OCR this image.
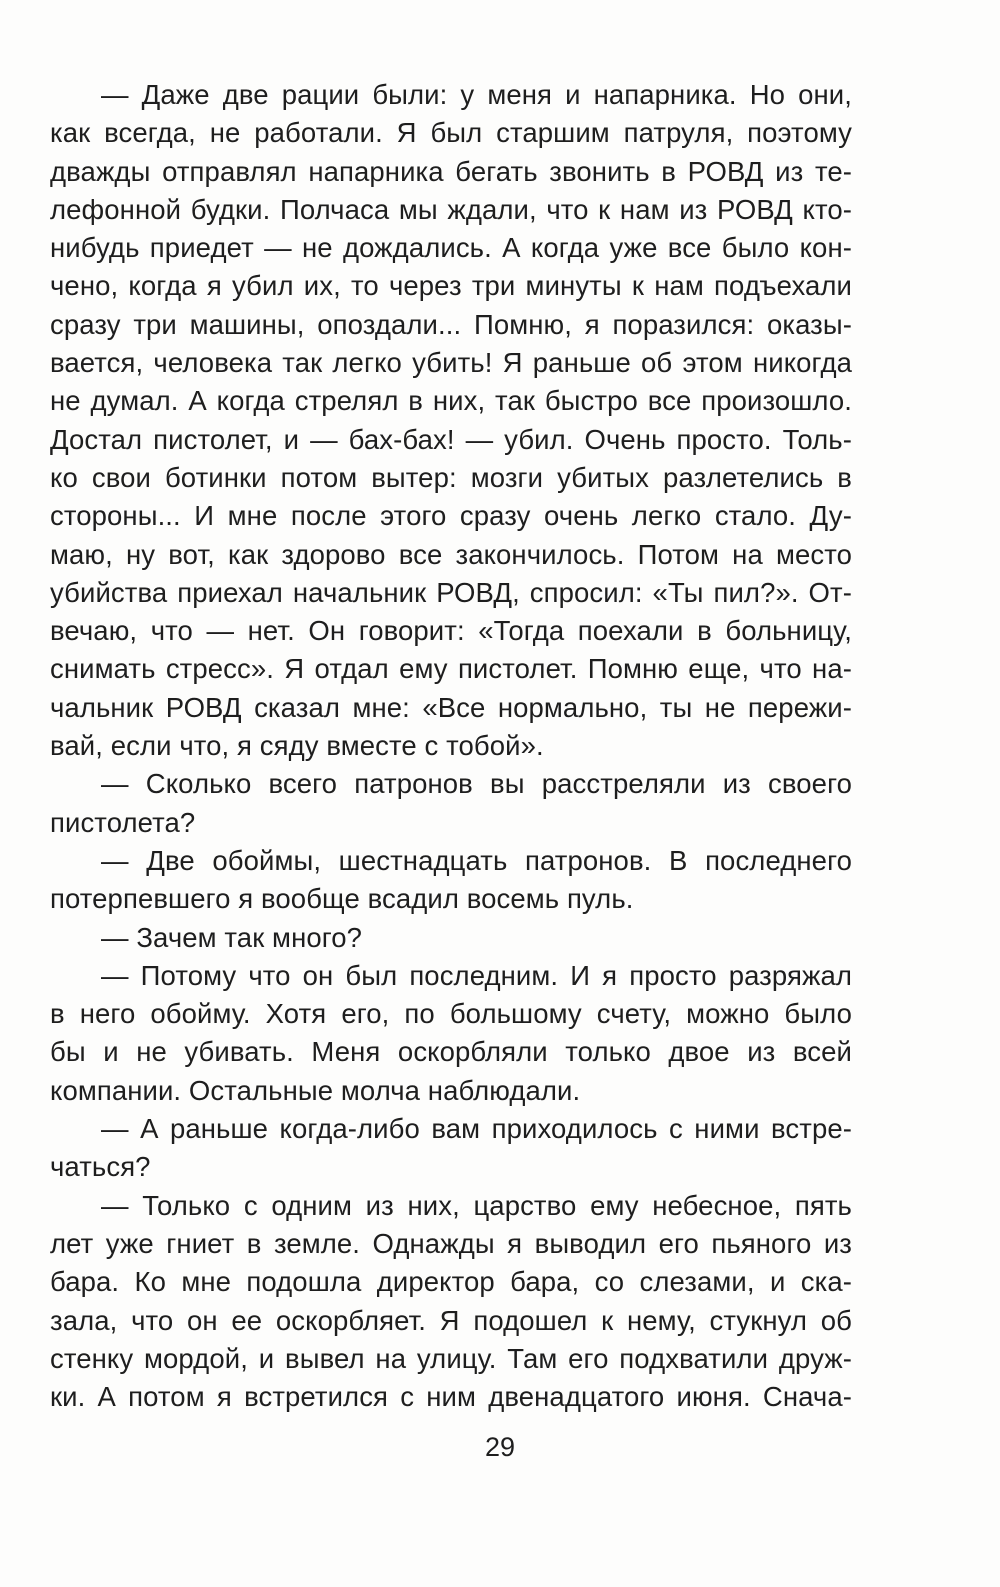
— Даже две рации были: у меня и напарника. Но они,
как всегда, не работали. Я был старшим патруля, поэтому
дважды отправлял напарника бегать звонить в РОВД из те-
лефонной будки. Полчаса мы ждали, что к нам из РОВД кто-
нибудь приедет — не дождались. А когда уже все было кон-
чено, когда я убил их, то через три минуты к нам подъехали
сразу три машины, опоздали... Помню, я поразился: оказы-
вается, человека так легко убить! Я раньше об этом никогда
не думал. А когда стрелял в них, так быстро все произошло.
Достал пистолет, и — бах-бах! — убил. Очень просто. Толь-
ко свои ботинки потом вытер: мозги убитых разлетелись в
стороны... И мне после этого сразу очень легко стало. Ду-
маю, ну вот, как здорово все закончилось. Потом на место
убийства приехал начальник РОВД, спросил: «Ты пил?». От-
вечаю, что — нет. Он говорит: «Тогда поехали в больницу,
снимать стресс». Я отдал ему пистолет. Помню еще, что на-
чальник РОВД сказал мне: «Все нормально, ты не пережи-
вай, если что, я сяду вместе с тобой».
— Сколько всего патронов вы расстреляли из своего
пистолета?
— Две обоймы, шестнадцать патронов. В последнего
потерпевшего я вообще всадил восемь пуль.
— Зачем так много?
— Потому что он был последним. И я просто разряжал
в него обойму. Хотя его, по большому счету, можно было
бы и не убивать. Меня оскорбляли только двое из всей
компании. Остальные молча наблюдали.
— А раньше когда-либо вам приходилось с ними встре-
чаться?
— Только с одним из них, царство ему небесное, пять
лет уже гниет в земле. Однажды я выводил его пьяного из
бара. Ко мне подошла директор бара, со слезами, и ска-
зала, что он ее оскорбляет. Я подошел к нему, стукнул об
стенку мордой, и вывел на улицу. Там его подхватили друж-
ки. А потом я встретился с ним двенадцатого июня. Снача-
29
